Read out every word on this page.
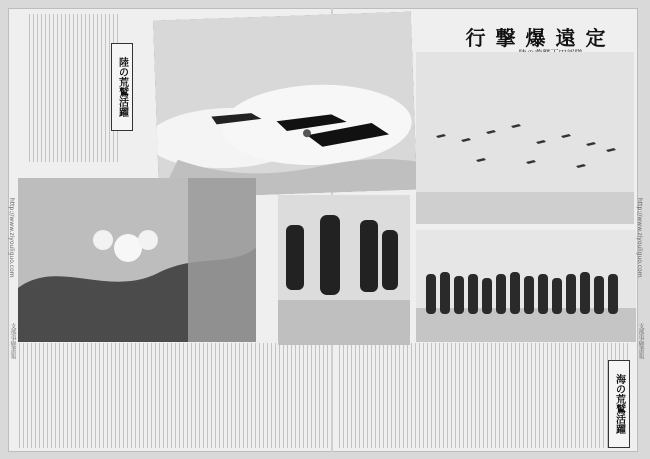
陸の荒鷲活躍
海の荒鷲活躍
行撃爆遠定
http://www.ziyouliguo.com	http://www.ziyouliguo.com
支那事變畫報	支那事變畫報
